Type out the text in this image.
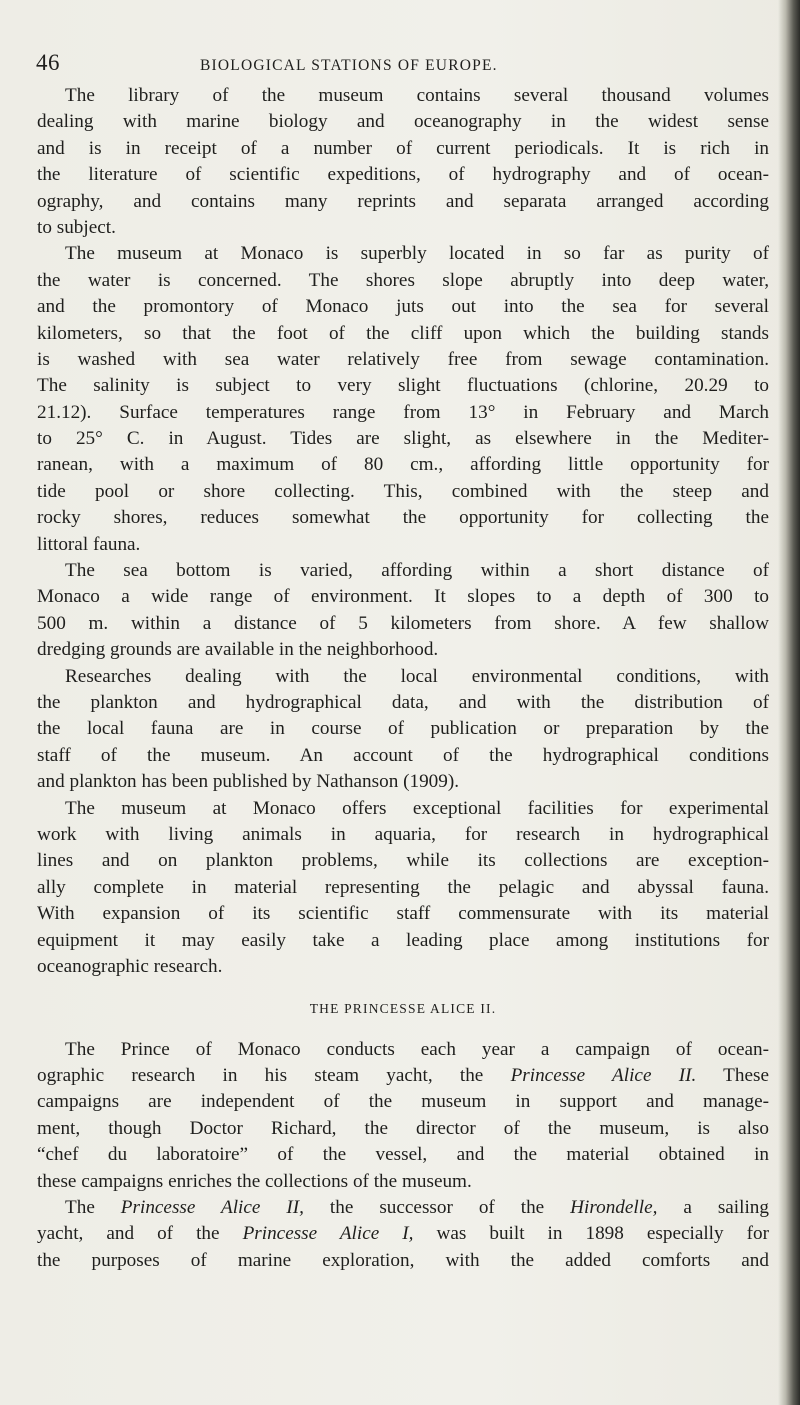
46	BIOLOGICAL STATIONS OF EUROPE.
The library of the museum contains several thousand volumes
dealing with marine biology and oceanography in the widest sense
and is in receipt of a number of current periodicals. It is rich in
the literature of scientific expeditions, of hydrography and of ocean-
ography, and contains many reprints and separata arranged according
to subject.
The museum at Monaco is superbly located in so far as purity of
the water is concerned. The shores slope abruptly into deep water,
and the promontory of Monaco juts out into the sea for several
kilometers, so that the foot of the cliff upon which the building stands
is washed with sea water relatively free from sewage contamination.
The salinity is subject to very slight fluctuations (chlorine, 20.29 to
21.12). Surface temperatures range from 13° in February and March
to 25° C. in August. Tides are slight, as elsewhere in the Mediter-
ranean, with a maximum of 80 cm., affording little opportunity for
tide pool or shore collecting. This, combined with the steep and
rocky shores, reduces somewhat the opportunity for collecting the
littoral fauna.
The sea bottom is varied, affording within a short distance of
Monaco a wide range of environment. It slopes to a depth of 300 to
500 m. within a distance of 5 kilometers from shore. A few shallow
dredging grounds are available in the neighborhood.
Researches dealing with the local environmental conditions, with
the plankton and hydrographical data, and with the distribution of
the local fauna are in course of publication or preparation by the
staff of the museum. An account of the hydrographical conditions
and plankton has been published by Nathanson (1909).
The museum at Monaco offers exceptional facilities for experimental
work with living animals in aquaria, for research in hydrographical
lines and on plankton problems, while its collections are exception-
ally complete in material representing the pelagic and abyssal fauna.
With expansion of its scientific staff commensurate with its material
equipment it may easily take a leading place among institutions for
oceanographic research.
THE PRINCESSE ALICE II.
The Prince of Monaco conducts each year a campaign of ocean-
ographic research in his steam yacht, the Princesse Alice II. These
campaigns are independent of the museum in support and manage-
ment, though Doctor Richard, the director of the museum, is also
“chef du laboratoire” of the vessel, and the material obtained in
these campaigns enriches the collections of the museum.
The Princesse Alice II, the successor of the Hirondelle, a sailing
yacht, and of the Princesse Alice I, was built in 1898 especially for
the purposes of marine exploration, with the added comforts and
